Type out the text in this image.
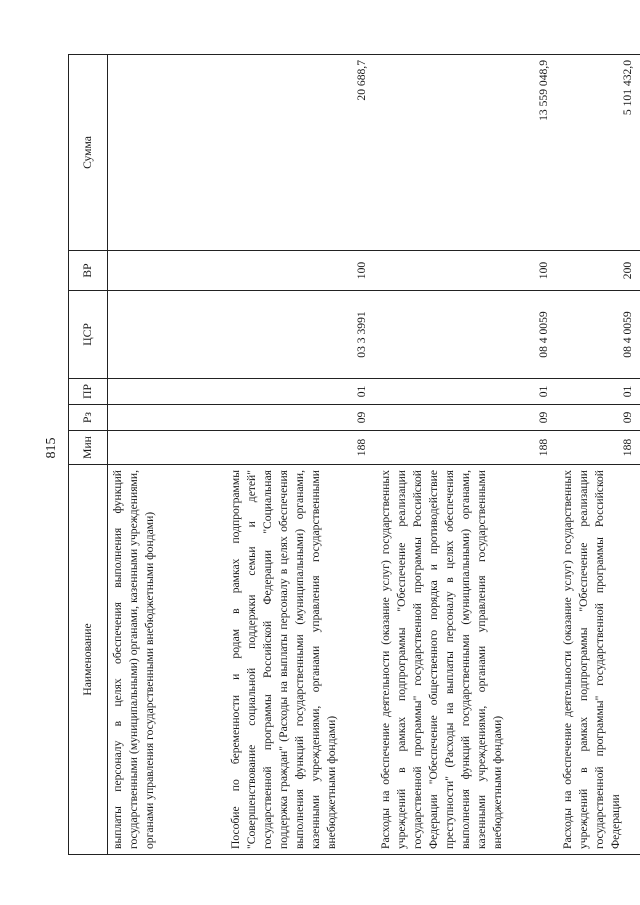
815
Наименование	Мин	Рз	ПР	ЦСР	ВР	Сумма
выплаты персоналу в целях обеспечения выполнения функций государственными (муниципальными) органами, казенными учреждениями, органами управления государственными внебюджетными фондами)						
Пособие по беременности и родам в рамках подпрограммы "Совершенствование социальной поддержки семьи и детей" государственной программы Российской Федерации "Социальная поддержка граждан" (Расходы на выплаты персоналу в целях обеспечения выполнения функций государственными (муниципальными) органами, казенными учреждениями, органами управления государственными внебюджетными фондами)	188	09	01	03 3 3991	100	20 688,7
Расходы на обеспечение деятельности (оказание услуг) государственных учреждений в рамках подпрограммы "Обеспечение реализации государственной программы" государственной программы Российской Федерации "Обеспечение общественного порядка и противодействие преступности" (Расходы на выплаты персоналу в целях обеспечения выполнения функций государственными (муниципальными) органами, казенными учреждениями, органами управления государственными внебюджетными фондами)	188	09	01	08 4 0059	100	13 559 048,9
Расходы на обеспечение деятельности (оказание услуг) государственных учреждений в рамках подпрограммы "Обеспечение реализации государственной программы" государственной программы Российской Федерации	188	09	01	08 4 0059	200	5 101 432,0
